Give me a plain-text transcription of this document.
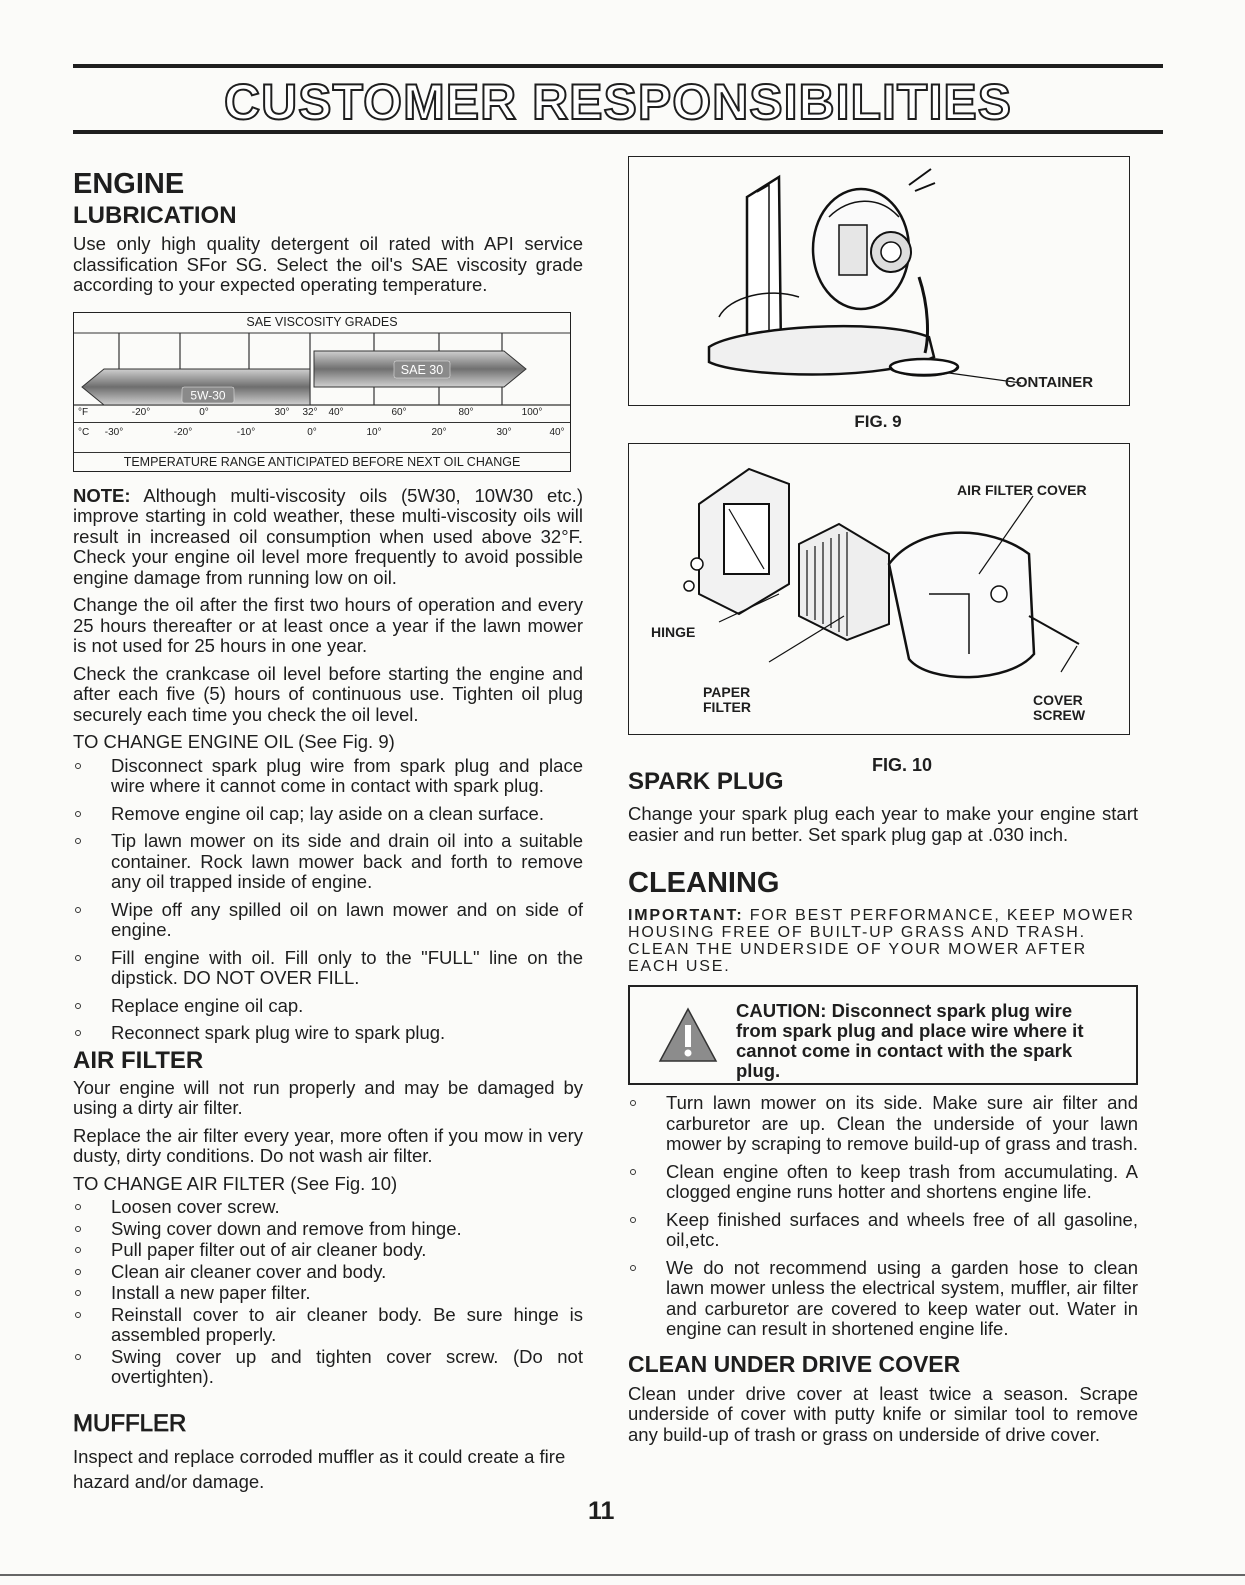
CUSTOMER RESPONSIBILITIES
ENGINE
LUBRICATION

Use only high quality detergent oil rated with API service classification SFor SG. Select the oil's SAE viscosity grade according to your expected operating temperature.

SAE VISCOSITY GRADES
5W-30
SAE 30
°F	-20°	0°	30° 32° 40°	60°	80°	100°
°C -30°	-20°	-10°	0°	10°	20°	30°	40°
TEMPERATURE RANGE ANTICIPATED BEFORE NEXT OIL CHANGE

NOTE: Although multi-viscosity oils (5W30, 10W30 etc.) improve starting in cold weather, these multi-viscosity oils will result in increased oil consumption when used above 32°F. Check your engine oil level more frequently to avoid possible engine damage from running low on oil.

Change the oil after the first two hours of operation and every 25 hours thereafter or at least once a year if the lawn mower is not used for 25 hours in one year.

Check the crankcase oil level before starting the engine and after each five (5) hours of continuous use. Tighten oil plug securely each time you check the oil level.

TO CHANGE ENGINE OIL (See Fig. 9)

Disconnect spark plug wire from spark plug and place wire where it cannot come in contact with spark plug.
Remove engine oil cap; lay aside on a clean surface.
Tip lawn mower on its side and drain oil into a suitable container. Rock lawn mower back and forth to remove any oil trapped inside of engine.
Wipe off any spilled oil on lawn mower and on side of engine.
Fill engine with oil. Fill only to the "FULL" line on the dipstick. DO NOT OVER FILL.
Replace engine oil cap.
Reconnect spark plug wire to spark plug.
AIR FILTER

Your engine will not run properly and may be damaged by using a dirty air filter.

Replace the air filter every year, more often if you mow in very dusty, dirty conditions. Do not wash air filter.

TO CHANGE AIR FILTER (See Fig. 10)

Loosen cover screw.
Swing cover down and remove from hinge.
Pull paper filter out of air cleaner body.
Clean air cleaner cover and body.
Install a new paper filter.
Reinstall cover to air cleaner body. Be sure hinge is assembled properly.
Swing cover up and tighten cover screw. (Do not overtighten).
MUFFLER

Inspect and replace corroded muffler as it could create a fire hazard and/or damage.

CONTAINER
FIG. 9
AIR FILTER COVER
HINGE
PAPER
FILTER	COVER
SCREW
FIG. 10
SPARK PLUG

Change your spark plug each year to make your engine start easier and run better. Set spark plug gap at .030 inch.

CLEANING

IMPORTANT: FOR BEST PERFORMANCE, KEEP MOWER HOUSING FREE OF BUILT-UP GRASS AND TRASH. CLEAN THE UNDERSIDE OF YOUR MOWER AFTER EACH USE.

CAUTION: Disconnect spark plug wire from spark plug and place wire where it cannot come in contact with the spark plug.
Turn lawn mower on its side. Make sure air filter and carburetor are up. Clean the underside of your lawn mower by scraping to remove build-up of grass and trash.
Clean engine often to keep trash from accumulating. A clogged engine runs hotter and shortens engine life.
Keep finished surfaces and wheels free of all gasoline, oil,etc.
We do not recommend using a garden hose to clean lawn mower unless the electrical system, muffler, air filter and carburetor are covered to keep water out. Water in engine can result in shortened engine life.
CLEAN UNDER DRIVE COVER

Clean under drive cover at least twice a season. Scrape underside of cover with putty knife or similar tool to remove any build-up of trash or grass on underside of drive cover.

11
